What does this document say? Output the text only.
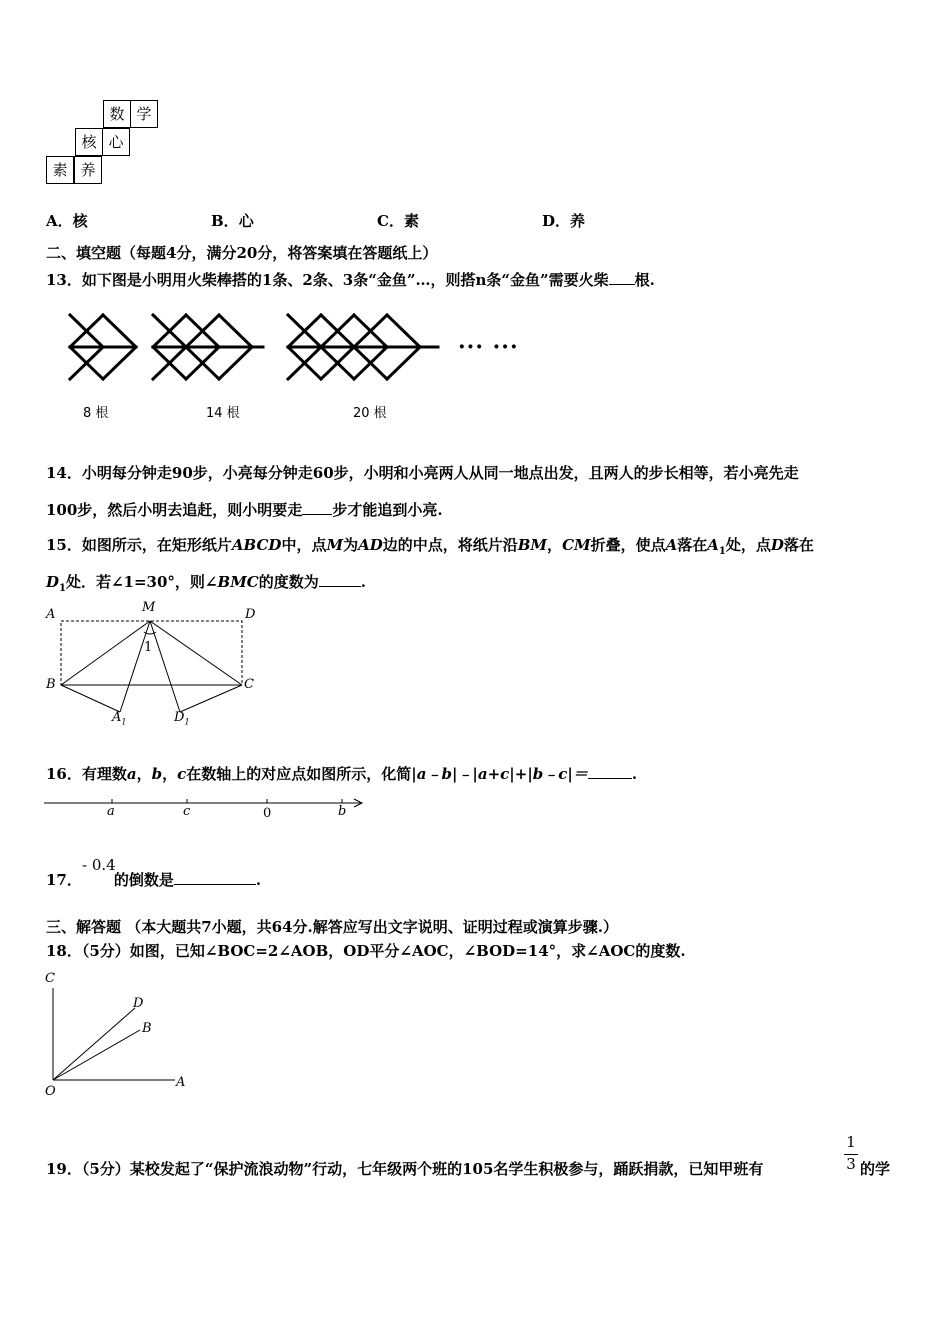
数 学
核 心
素 养
A．核	B．心	C．素	D．养
二、填空题（每题4分，满分20分，将答案填在答题纸上）
13．如下图是小明用火柴棒搭的1条、2条、3条“金鱼”…，则搭n条“金鱼”需要火柴 根.
··· ···
8 根	14 根	20 根
14．小明每分钟走90步，小亮每分钟走60步，小明和小亮两人从同一地点出发，且两人的步长相等，若小亮先走
100步，然后小明去追赶，则小明要走 步才能追到小亮.
15．如图所示，在矩形纸片ABCD中，点M为AD边的中点，将纸片沿BM，CM折叠，使点A落在$A_1$处，点D落在
$D_1$处．若∠1=30°，则∠BMC的度数为	.
A	M	D
1
B	C
$A_1$	$D_1$
16．有理数a，b，c在数轴上的对应点如图所示，化简|a﹣b|﹣|a+c|+|b﹣c|＝	.
a	c	0	b
- 0.4
17． 的倒数是	.
三、解答题 （本大题共7小题，共64分.解答应写出文字说明、证明过程或演算步骤.）
18．（5分）如图，已知∠BOC=2∠AOB，OD平分∠AOC，∠BOD=14°，求∠AOC的度数.
C
D
B
O
A
19．（5分）某校发起了“保护流浪动物”行动，七年级两个班的105名学生积极参与，踊跃捐款，已知甲班有	$\frac{1}{3}$ 的学
